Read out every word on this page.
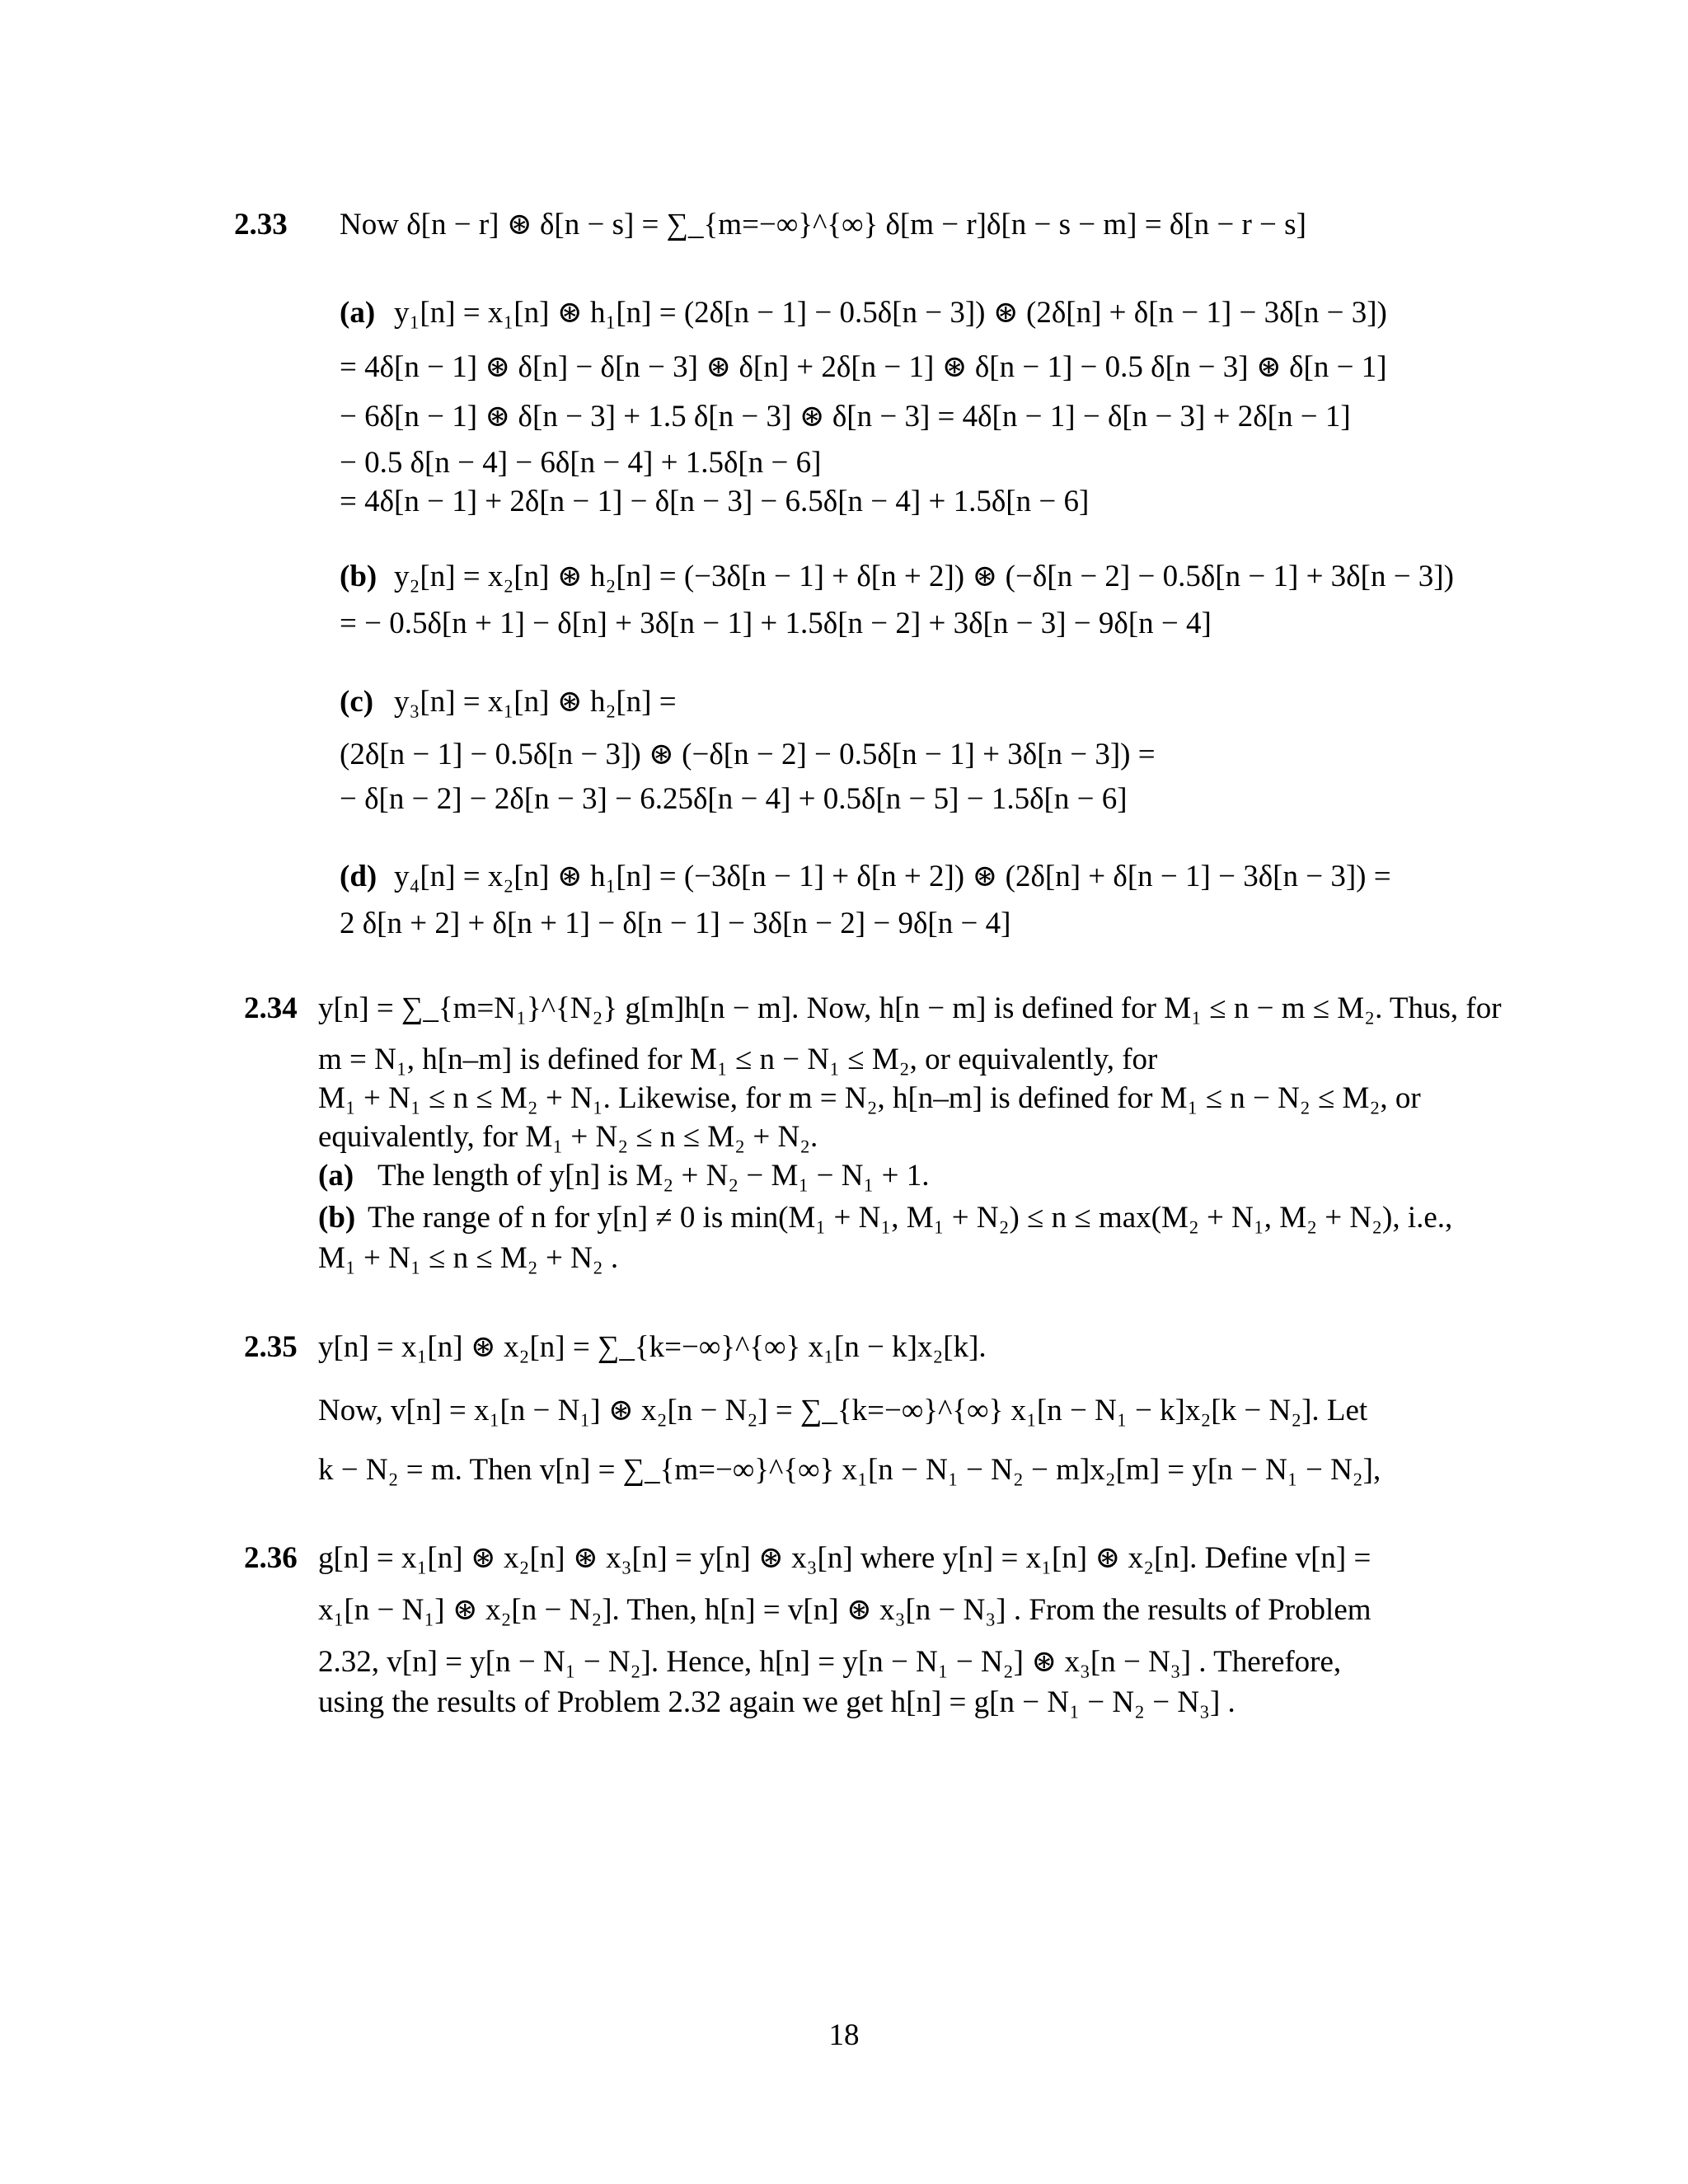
2.33 Now δ[n − r] ⊛ δ[n − s] = ∑_{m=−∞}^{∞} δ[m − r]δ[n − s − m] = δ[n − r − s]
(a) y₁[n] = x₁[n] ⊛ h₁[n] = (2δ[n − 1] − 0.5δ[n − 3]) ⊛ (2δ[n] + δ[n − 1] − 3δ[n − 3])
= 4δ[n − 1] ⊛ δ[n] − δ[n − 3] ⊛ δ[n] + 2δ[n − 1] ⊛ δ[n − 1] − 0.5 δ[n − 3] ⊛ δ[n − 1]
− 6δ[n − 1] ⊛ δ[n − 3] + 1.5 δ[n − 3] ⊛ δ[n − 3] = 4δ[n − 1] − δ[n − 3] + 2δ[n − 1]
− 0.5 δ[n − 4] − 6δ[n − 4] + 1.5δ[n − 6]
= 4δ[n − 1] + 2δ[n − 1] − δ[n − 3] − 6.5δ[n − 4] + 1.5δ[n − 6]
(b) y₂[n] = x₂[n] ⊛ h₂[n] = (−3δ[n − 1] + δ[n + 2]) ⊛ (−δ[n − 2] − 0.5δ[n − 1] + 3δ[n − 3])
= − 0.5δ[n + 1] − δ[n] + 3δ[n − 1] + 1.5δ[n − 2] + 3δ[n − 3] − 9δ[n − 4]
(c) y₃[n] = x₁[n] ⊛ h₂[n] =
(2δ[n − 1] − 0.5δ[n − 3]) ⊛ (−δ[n − 2] − 0.5δ[n − 1] + 3δ[n − 3]) =
− δ[n − 2] − 2δ[n − 3] − 6.25δ[n − 4] + 0.5δ[n − 5] − 1.5δ[n − 6]
(d) y₄[n] = x₂[n] ⊛ h₁[n] = (−3δ[n − 1] + δ[n + 2]) ⊛ (2δ[n] + δ[n − 1] − 3δ[n − 3]) =
2 δ[n + 2] + δ[n + 1] − δ[n − 1] − 3δ[n − 2] − 9δ[n − 4]
2.34 y[n] = ∑_{m=N₁}^{N₂} g[m]h[n − m]. Now, h[n − m] is defined for M₁ ≤ n − m ≤ M₂. Thus, for
m = N₁, h[n–m] is defined for M₁ ≤ n − N₁ ≤ M₂, or equivalently, for
M₁ + N₁ ≤ n ≤ M₂ + N₁. Likewise, for m = N₂, h[n–m] is defined for M₁ ≤ n − N₂ ≤ M₂, or
equivalently, for M₁ + N₂ ≤ n ≤ M₂ + N₂.
(a) The length of y[n] is M₂ + N₂ − M₁ − N₁ + 1.
(b) The range of n for y[n] ≠ 0 is min(M₁ + N₁, M₁ + N₂) ≤ n ≤ max(M₂ + N₁, M₂ + N₂), i.e.,
M₁ + N₁ ≤ n ≤ M₂ + N₂ .
2.35 y[n] = x₁[n] ⊛ x₂[n] = ∑_{k=−∞}^{∞} x₁[n − k]x₂[k].
Now, v[n] = x₁[n − N₁] ⊛ x₂[n − N₂] = ∑_{k=−∞}^{∞} x₁[n − N₁ − k]x₂[k − N₂]. Let
k − N₂ = m. Then v[n] = ∑_{m=−∞}^{∞} x₁[n − N₁ − N₂ − m]x₂[m] = y[n − N₁ − N₂],
2.36 g[n] = x₁[n] ⊛ x₂[n] ⊛ x₃[n] = y[n] ⊛ x₃[n] where y[n] = x₁[n] ⊛ x₂[n]. Define v[n] =
x₁[n − N₁] ⊛ x₂[n − N₂]. Then, h[n] = v[n] ⊛ x₃[n − N₃] . From the results of Problem
2.32, v[n] = y[n − N₁ − N₂]. Hence, h[n] = y[n − N₁ − N₂] ⊛ x₃[n − N₃] . Therefore,
using the results of Problem 2.32 again we get h[n] = g[n − N₁ − N₂ − N₃] .
18
